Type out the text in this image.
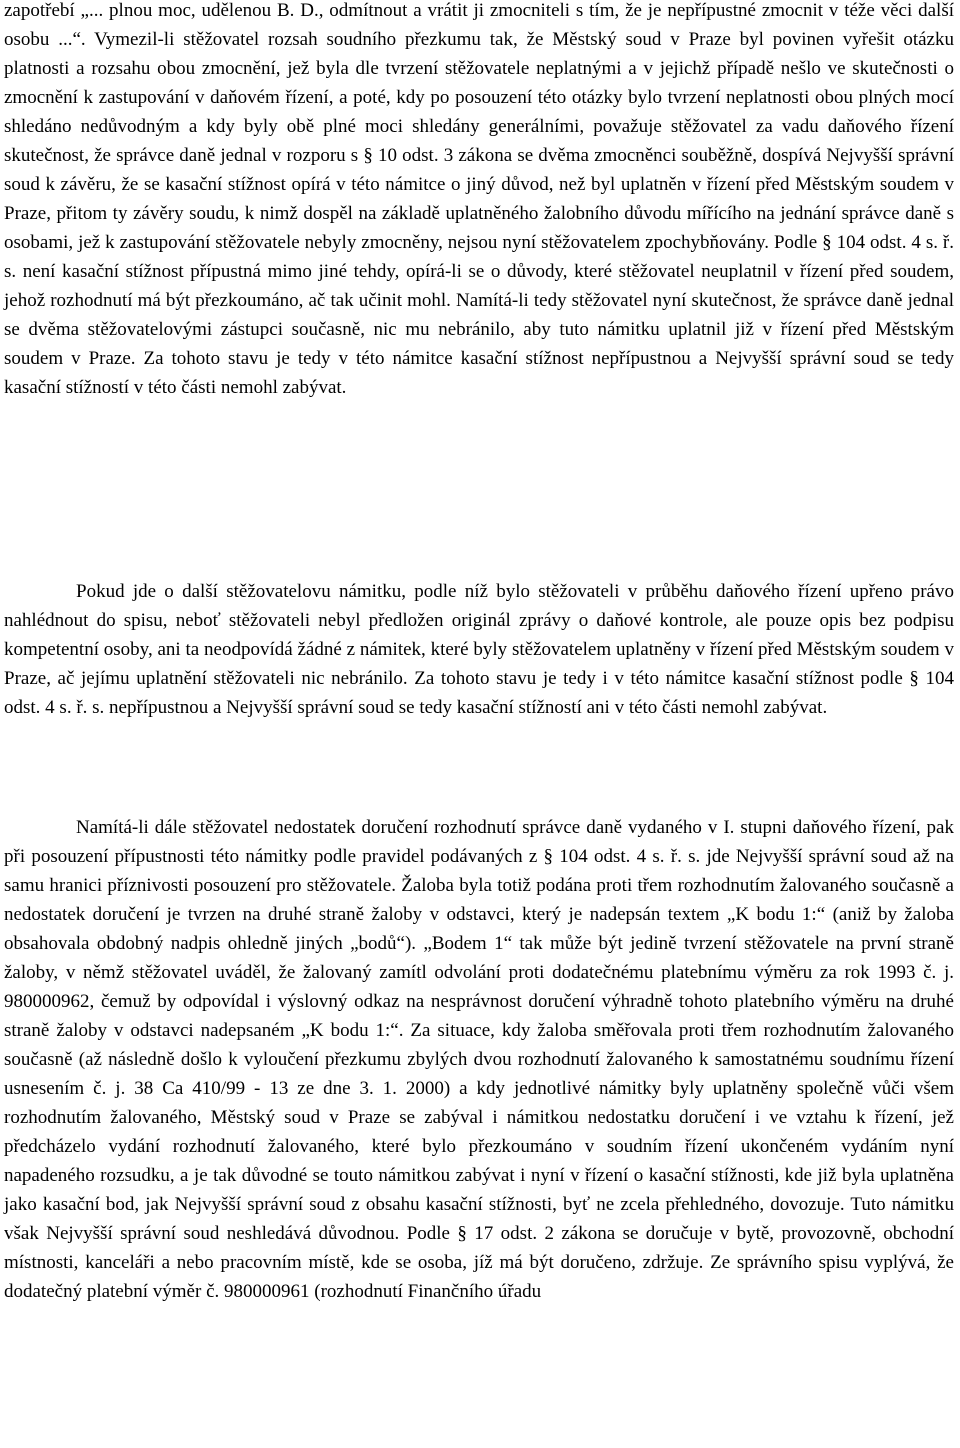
zapotřebí „... plnou moc, udělenou B. D., odmítnout a vrátit ji zmocniteli s tím, že je nepřípustné zmocnit v téže věci další osobu ...“. Vymezil-li stěžovatel rozsah soudního přezkumu tak, že Městský soud v Praze byl povinen vyřešit otázku platnosti a rozsahu obou zmocnění, jež byla dle tvrzení stěžovatele neplatnými a v jejichž případě nešlo ve skutečnosti o zmocnění k zastupování v daňovém řízení, a poté, kdy po posouzení této otázky bylo tvrzení neplatnosti obou plných mocí shledáno nedůvodným a kdy byly obě plné moci shledány generálními, považuje stěžovatel za vadu daňového řízení skutečnost, že správce daně jednal v rozporu s § 10 odst. 3 zákona se dvěma zmocněnci souběžně, dospívá Nejvyšší správní soud k závěru, že se kasační stížnost opírá v této námitce o jiný důvod, než byl uplatněn v řízení před Městským soudem v Praze, přitom ty závěry soudu, k nimž dospěl na základě uplatněného žalobního důvodu mířícího na jednání správce daně s osobami, jež k zastupování stěžovatele nebyly zmocněny, nejsou nyní stěžovatelem zpochybňovány. Podle § 104 odst. 4 s. ř. s. není kasační stížnost přípustná mimo jiné tehdy, opírá-li se o důvody, které stěžovatel neuplatnil v řízení před soudem, jehož rozhodnutí má být přezkoumáno, ač tak učinit mohl. Namítá-li tedy stěžovatel nyní skutečnost, že správce daně jednal se dvěma stěžovatelovými zástupci současně, nic mu nebránilo, aby tuto námitku uplatnil již v řízení před Městským soudem v Praze. Za tohoto stavu je tedy v této námitce kasační stížnost nepřípustnou a Nejvyšší správní soud se tedy kasační stížností v této části nemohl zabývat.

Pokud jde o další stěžovatelovu námitku, podle níž bylo stěžovateli v průběhu daňového řízení upřeno právo nahlédnout do spisu, neboť stěžovateli nebyl předložen originál zprávy o daňové kontrole, ale pouze opis bez podpisu kompetentní osoby, ani ta neodpovídá žádné z námitek, které byly stěžovatelem uplatněny v řízení před Městským soudem v Praze, ač jejímu uplatnění stěžovateli nic nebránilo. Za tohoto stavu je tedy i v této námitce kasační stížnost podle § 104 odst. 4 s. ř. s. nepřípustnou a Nejvyšší správní soud se tedy kasační stížností ani v této části nemohl zabývat.

Namítá-li dále stěžovatel nedostatek doručení rozhodnutí správce daně vydaného v I. stupni daňového řízení, pak při posouzení přípustnosti této námitky podle pravidel podávaných z § 104 odst. 4 s. ř. s. jde Nejvyšší správní soud až na samu hranici příznivosti posouzení pro stěžovatele. Žaloba byla totiž podána proti třem rozhodnutím žalovaného současně a nedostatek doručení je tvrzen na druhé straně žaloby v odstavci, který je nadepsán textem „K bodu 1:“ (aniž by žaloba obsahovala obdobný nadpis ohledně jiných „bodů“). „Bodem 1“ tak může být jedině tvrzení stěžovatele na první straně žaloby, v němž stěžovatel uváděl, že žalovaný zamítl odvolání proti dodatečnému platebnímu výměru za rok 1993 č. j. 980000962, čemuž by odpovídal i výslovný odkaz na nesprávnost doručení výhradně tohoto platebního výměru na druhé straně žaloby v odstavci nadepsaném „K bodu 1:“. Za situace, kdy žaloba směřovala proti třem rozhodnutím žalovaného současně (až následně došlo k vyloučení přezkumu zbylých dvou rozhodnutí žalovaného k samostatnému soudnímu řízení usnesením č. j. 38 Ca 410/99 - 13 ze dne 3. 1. 2000) a kdy jednotlivé námitky byly uplatněny společně vůči všem rozhodnutím žalovaného, Městský soud v Praze se zabýval i námitkou nedostatku doručení i ve vztahu k řízení, jež předcházelo vydání rozhodnutí žalovaného, které bylo přezkoumáno v soudním řízení ukončeném vydáním nyní napadeného rozsudku, a je tak důvodné se touto námitkou zabývat i nyní v řízení o kasační stížnosti, kde již byla uplatněna jako kasační bod, jak Nejvyšší správní soud z obsahu kasační stížnosti, byť ne zcela přehledného, dovozuje. Tuto námitku však Nejvyšší správní soud neshledává důvodnou. Podle § 17 odst. 2 zákona se doručuje v bytě, provozovně, obchodní místnosti, kanceláři a nebo pracovním místě, kde se osoba, jíž má být doručeno, zdržuje. Ze správního spisu vyplývá, že dodatečný platební výměr č. 980000961 (rozhodnutí Finančního úřadu
